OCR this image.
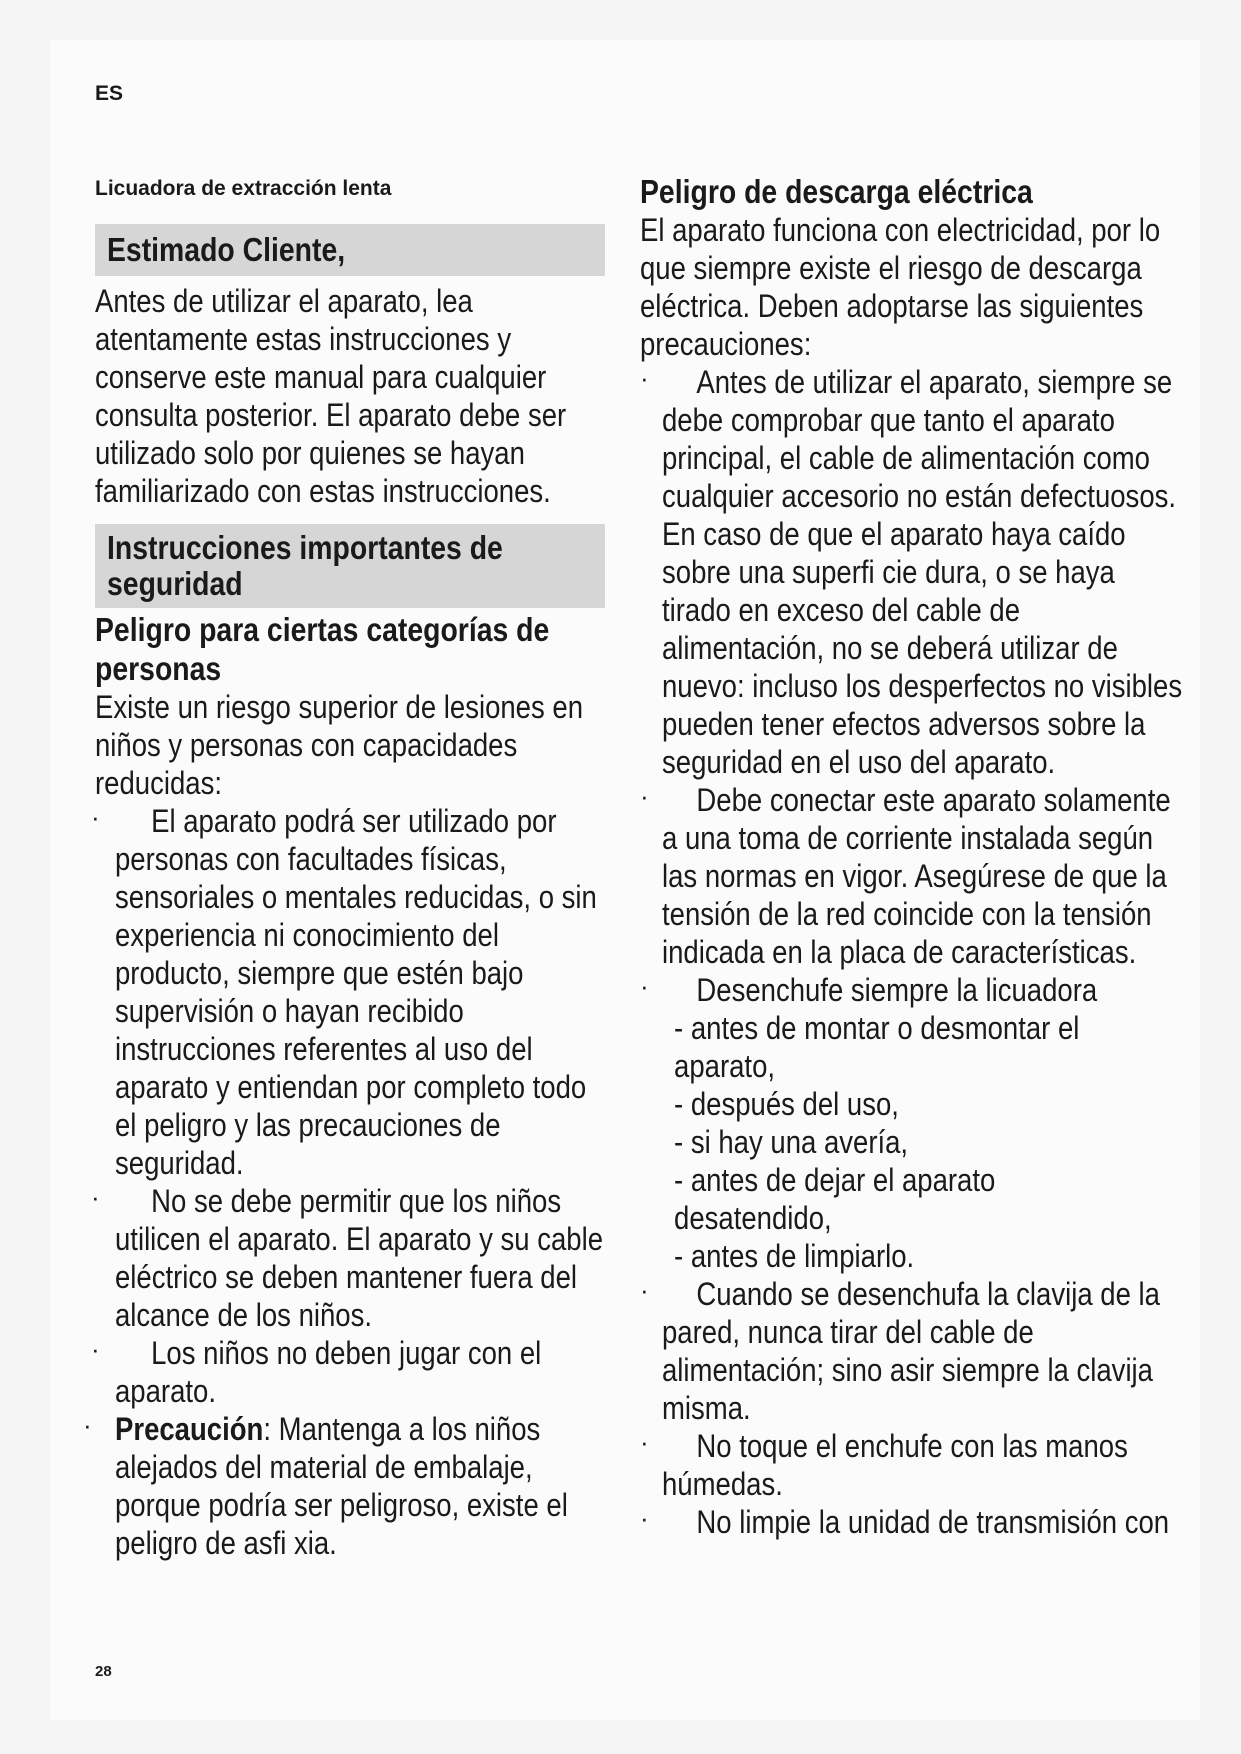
ES
Licuadora de extracción lenta
Estimado Cliente,
Antes de utilizar el aparato, lea atentamente estas instrucciones y conserve este manual para cualquier consulta posterior. El aparato debe ser utilizado solo por quienes se hayan familiarizado con estas instrucciones.
Instrucciones importantes de seguridad
Peligro para ciertas categorías de personas
Existe un riesgo superior de lesiones en niños y personas con capacidades reducidas:
·	El aparato podrá ser utilizado por personas con facultades físicas, sensoriales o mentales reducidas, o sin experiencia ni conocimiento del producto, siempre que estén bajo supervisión o hayan recibido instrucciones referentes al uso del aparato y entiendan por completo todo el peligro y las precauciones de seguridad.
·	No se debe permitir que los niños utilicen el aparato. El aparato y su cable eléctrico se deben mantener fuera del alcance de los niños.
·	Los niños no deben jugar con el aparato.
· Precaución: Mantenga a los niños alejados del material de embalaje, porque podría ser peligroso, existe el peligro de asfi xia.
Peligro de descarga eléctrica
El aparato funciona con electricidad, por lo que siempre existe el riesgo de descarga eléctrica. Deben adoptarse las siguientes precauciones:
·	Antes de utilizar el aparato, siempre se debe comprobar que tanto el aparato principal, el cable de alimentación como cualquier accesorio no están defectuosos. En caso de que el aparato haya caído sobre una superfi cie dura, o se haya tirado en exceso del cable de alimentación, no se deberá utilizar de nuevo: incluso los desperfectos no visibles pueden tener efectos adversos sobre la seguridad en el uso del aparato.
·	Debe conectar este aparato solamente a una toma de corriente instalada según las normas en vigor. Asegúrese de que la tensión de la red coincide con la tensión indicada en la placa de características.
·	Desenchufe siempre la licuadora
- antes de montar o desmontar el aparato,
- después del uso,
- si hay una avería,
- antes de dejar el aparato desatendido,
- antes de limpiarlo.
·	Cuando se desenchufa la clavija de la pared, nunca tirar del cable de alimentación; sino asir siempre la clavija misma.
·	No toque el enchufe con las manos húmedas.
·	No limpie la unidad de transmisión con
28
